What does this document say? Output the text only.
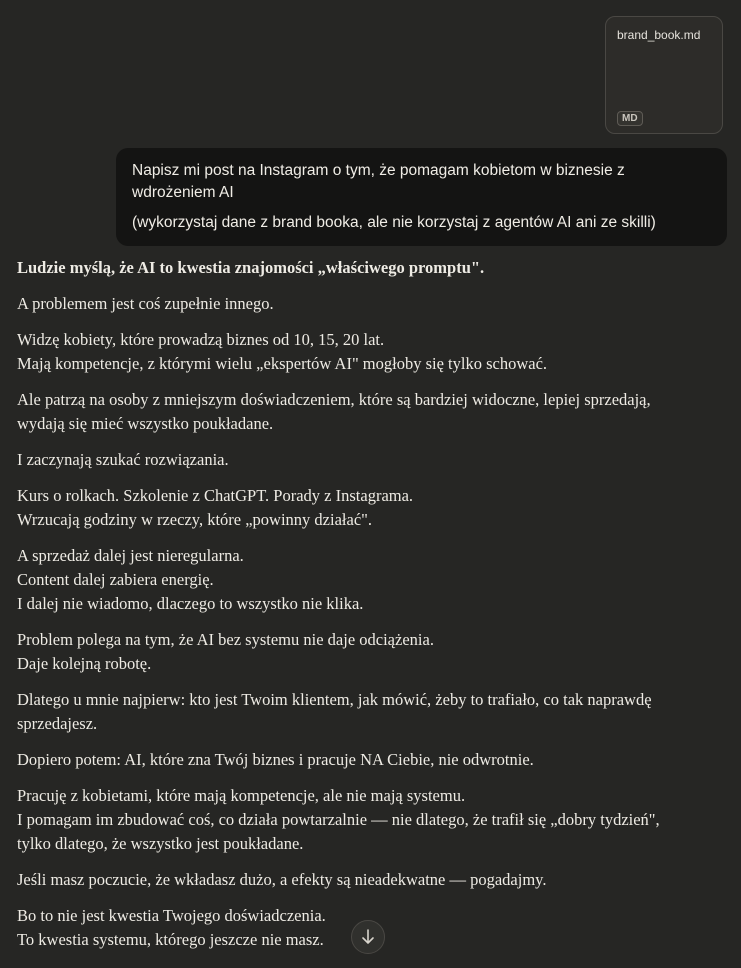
brand_book.md
MD

Napisz mi post na Instagram o tym, że pomagam kobietom w biznesie z wdrożeniem AI

(wykorzystaj dane z brand booka, ale nie korzystaj z agentów AI ani ze skilli)

Ludzie myślą, że AI to kwestia znajomości „właściwego promptu".

A problemem jest coś zupełnie innego.

Widzę kobiety, które prowadzą biznes od 10, 15, 20 lat.
Mają kompetencje, z którymi wielu „ekspertów AI" mogłoby się tylko schować.

Ale patrzą na osoby z mniejszym doświadczeniem, które są bardziej widoczne, lepiej sprzedają, wydają się mieć wszystko poukładane.

I zaczynają szukać rozwiązania.

Kurs o rolkach. Szkolenie z ChatGPT. Porady z Instagrama.
Wrzucają godziny w rzeczy, które „powinny działać".

A sprzedaż dalej jest nieregularna.
Content dalej zabiera energię.
I dalej nie wiadomo, dlaczego to wszystko nie klika.

Problem polega na tym, że AI bez systemu nie daje odciążenia.
Daje kolejną robotę.

Dlatego u mnie najpierw: kto jest Twoim klientem, jak mówić, żeby to trafiało, co tak naprawdę sprzedajesz.

Dopiero potem: AI, które zna Twój biznes i pracuje NA Ciebie, nie odwrotnie.

Pracuję z kobietami, które mają kompetencje, ale nie mają systemu.
I pomagam im zbudować coś, co działa powtarzalnie — nie dlatego, że trafił się „dobry tydzień", tylko dlatego, że wszystko jest poukładane.

Jeśli masz poczucie, że wkładasz dużo, a efekty są nieadekwatne — pogadajmy.

Bo to nie jest kwestia Twojego doświadczenia.
To kwestia systemu, którego jeszcze nie masz.
